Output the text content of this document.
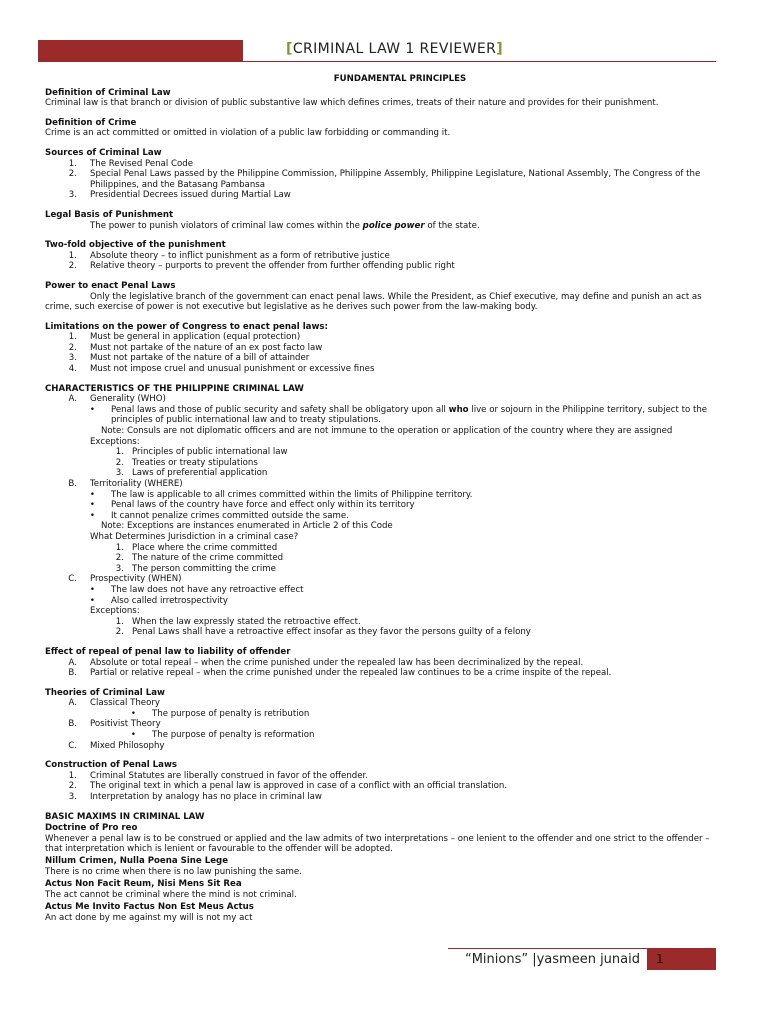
[CRIMINAL LAW 1 REVIEWER]

FUNDAMENTAL PRINCIPLES

Definition of Criminal Law

Criminal law is that branch or division of public substantive law which defines crimes, treats of their nature and provides for their punishment.

Definition of Crime

Crime is an act committed or omitted in violation of a public law forbidding or commanding it.

Sources of Criminal Law

1.	The Revised Penal Code
2.	Special Penal Laws passed by the Philippine Commission, Philippine Assembly, Philippine Legislature, National Assembly, The Congress of the Philippines, and the Batasang Pambansa
3.	Presidential Decrees issued during Martial Law

Legal Basis of Punishment

The power to punish violators of criminal law comes within the police power of the state.

Two-fold objective of the punishment

1.	Absolute theory – to inflict punishment as a form of retributive justice
2.	Relative theory – purports to prevent the offender from further offending public right

Power to enact Penal Laws

Only the legislative branch of the government can enact penal laws. While the President, as Chief executive, may define and punish an act as crime, such exercise of power is not executive but legislative as he derives such power from the law-making body.

Limitations on the power of Congress to enact penal laws:

1.	Must be general in application (equal protection)
2.	Must not partake of the nature of an ex post facto law
3.	Must not partake of the nature of a bill of attainder
4.	Must not impose cruel and unusual punishment or excessive fines

CHARACTERISTICS OF THE PHILIPPINE CRIMINAL LAW

A.	Generality (WHO)
•	Penal laws and those of public security and safety shall be obligatory upon all who live or sojourn in the Philippine territory, subject to the principles of public international law and to treaty stipulations.

Note: Consuls are not diplomatic officers and are not immune to the operation or application of the country where they are assigned

Exceptions:

1. Principles of public international law
2. Treaties or treaty stipulations
3. Laws of preferential application
B.	Territoriality (WHERE)
•	The law is applicable to all crimes committed within the limits of Philippine territory.
•	Penal laws of the country have force and effect only within its territory
•	It cannot penalize crimes committed outside the same.

Note: Exceptions are instances enumerated in Article 2 of this Code

What Determines Jurisdiction in a criminal case?

1. Place where the crime committed
2. The nature of the crime committed
3. The person committing the crime
C.	Prospectivity (WHEN)
•	The law does not have any retroactive effect
•	Also called irretrospectivity

Exceptions:

1. When the law expressly stated the retroactive effect.
2. Penal Laws shall have a retroactive effect insofar as they favor the persons guilty of a felony

Effect of repeal of penal law to liability of offender

A.	Absolute or total repeal – when the crime punished under the repealed law has been decriminalized by the repeal.
B.	Partial or relative repeal – when the crime punished under the repealed law continues to be a crime inspite of the repeal.

Theories of Criminal Law

A.	Classical Theory
•	The purpose of penalty is retribution
B.	Positivist Theory
•	The purpose of penalty is reformation
C.	Mixed Philosophy

Construction of Penal Laws

1.	Criminal Statutes are liberally construed in favor of the offender.
2.	The original text in which a penal law is approved in case of a conflict with an official translation.
3.	Interpretation by analogy has no place in criminal law

BASIC MAXIMS IN CRIMINAL LAW

Doctrine of Pro reo

Whenever a penal law is to be construed or applied and the law admits of two interpretations – one lenient to the offender and one strict to the offender – that interpretation which is lenient or favourable to the offender will be adopted.

Nillum Crimen, Nulla Poena Sine Lege

There is no crime when there is no law punishing the same.

Actus Non Facit Reum, Nisi Mens Sit Rea

The act cannot be criminal where the mind is not criminal.

Actus Me Invito Factus Non Est Meus Actus

An act done by me against my will is not my act

“Minions” |yasmeen junaid 1
